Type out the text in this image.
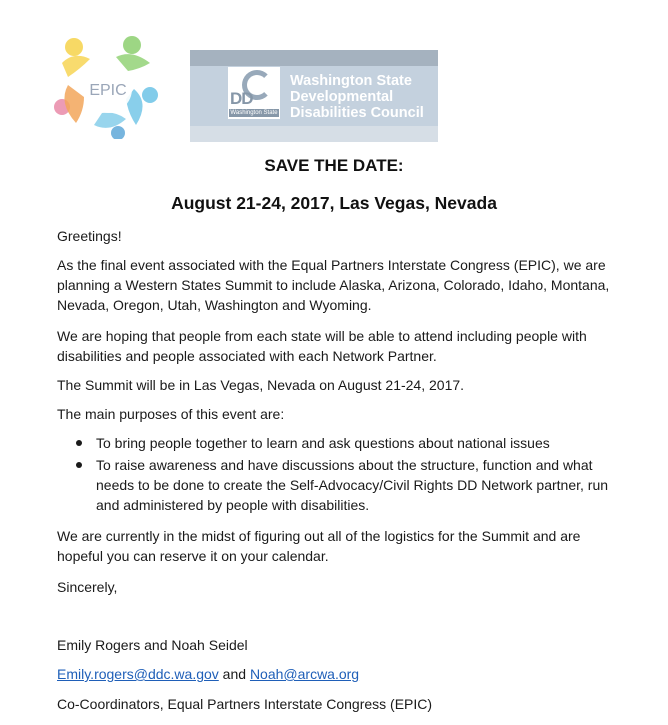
EPIC	DD
Washington State
Washington State
Developmental
Disabilities Council
SAVE THE DATE:
August 21-24, 2017, Las Vegas, Nevada

Greetings!

As the final event associated with the Equal Partners Interstate Congress (EPIC), we are planning a Western States Summit to include Alaska, Arizona, Colorado, Idaho, Montana, Nevada, Oregon, Utah, Washington and Wyoming.

We are hoping that people from each state will be able to attend including people with disabilities and people associated with each Network Partner.

The Summit will be in Las Vegas, Nevada on August 21-24, 2017.

The main purposes of this event are:

To bring people together to learn and ask questions about national issues
To raise awareness and have discussions about the structure, function and what needs to be done to create the Self-Advocacy/Civil Rights DD Network partner, run and administered by people with disabilities.

We are currently in the midst of figuring out all of the logistics for the Summit and are hopeful you can reserve it on your calendar.

Sincerely,

Emily Rogers and Noah Seidel

Emily.rogers@ddc.wa.gov and Noah@arcwa.org

Co-Coordinators, Equal Partners Interstate Congress (EPIC)
